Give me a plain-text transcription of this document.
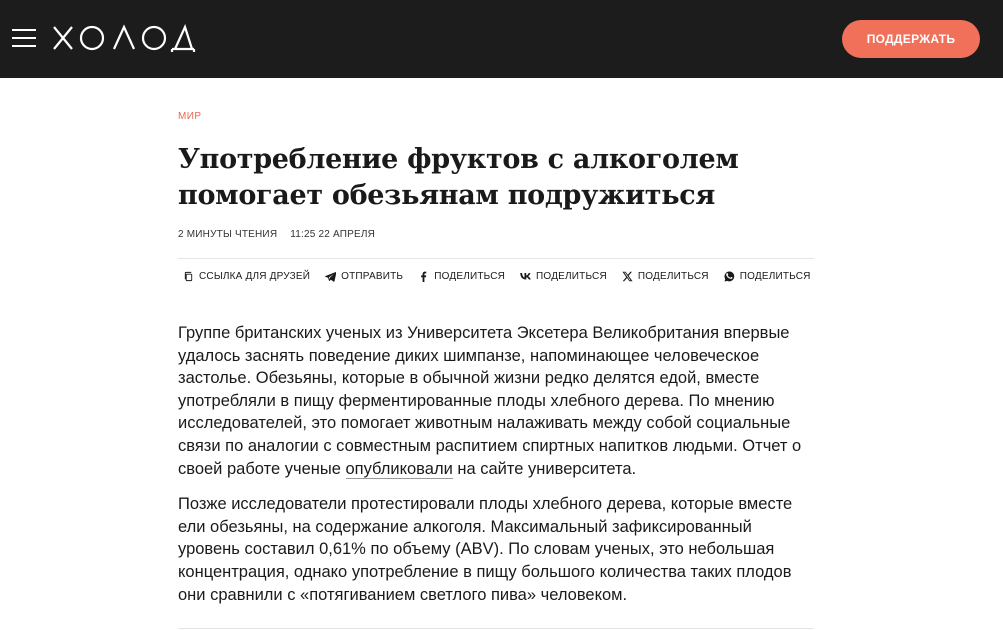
ПОДДЕРЖАТЬ
МИР
Употребление фруктов с алкоголем помогает обезьянам подружиться
2 МИНУТЫ ЧТЕНИЯ 11:25 22 АПРЕЛЯ
ССЫЛКА ДЛЯ ДРУЗЕЙ	ОТПРАВИТЬ	ПОДЕЛИТЬСЯ	ПОДЕЛИТЬСЯ	ПОДЕЛИТЬСЯ	ПОДЕЛИТЬСЯ

Группе британских ученых из Университета Эксетера Великобритания впервые удалось заснять поведение диких шимпанзе, напоминающее человеческое застолье. Обезьяны, которые в обычной жизни редко делятся едой, вместе употребляли в пищу ферментированные плоды хлебного дерева. По мнению исследователей, это помогает животным налаживать между собой социальные связи по аналогии с совместным распитием спиртных напитков людьми. Отчет о своей работе ученые опубликовали на сайте университета.

Позже исследователи протестировали плоды хлебного дерева, которые вместе ели обезьяны, на содержание алкоголя. Максимальный зафиксированный уровень составил 0,61% по объему (ABV). По словам ученых, это небольшая концентрация, однако употребление в пищу большого количества таких плодов они сравнили с «потягиванием светлого пива» человеком.
